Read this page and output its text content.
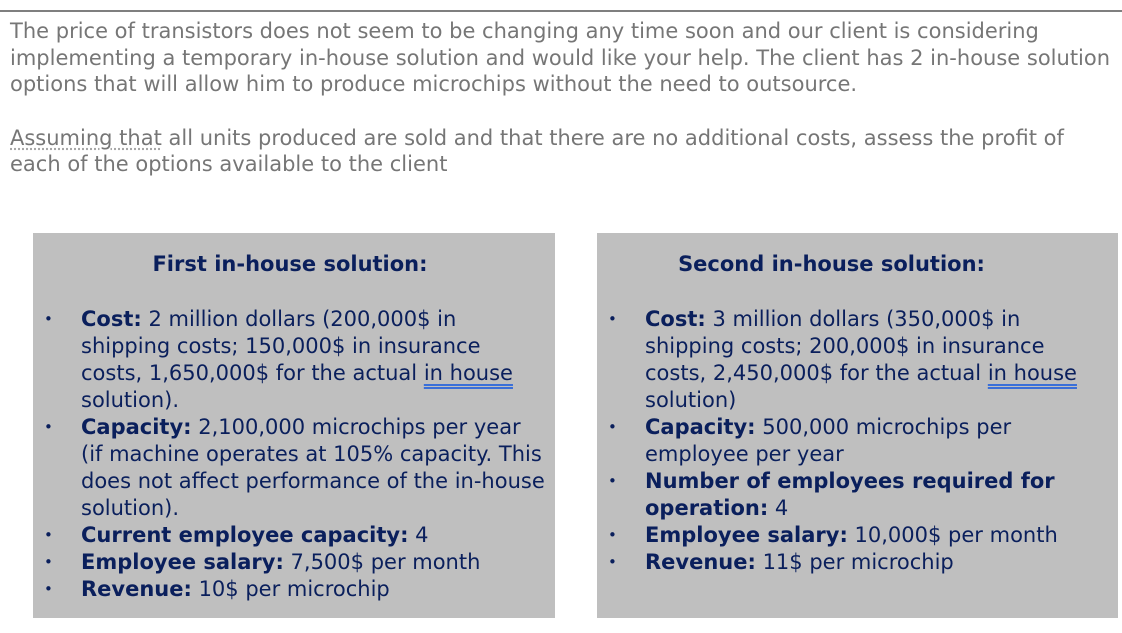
The price of transistors does not seem to be changing any time soon and our client is considering implementing a temporary in-house solution and would like your help. The client has 2 in-house solution options that will allow him to produce microchips without the need to outsource.

Assuming that all units produced are sold and that there are no additional costs, assess the profit of each of the options available to the client

First in-house solution:
• Cost: 2 million dollars (200,000$ in shipping costs; 150,000$ in insurance costs, 1,650,000$ for the actual in house solution).
• Capacity: 2,100,000 microchips per year (if machine operates at 105% capacity. This does not affect performance of the in-house solution).
• Current employee capacity: 4
• Employee salary: 7,500$ per month
• Revenue: 10$ per microchip
Second in-house solution:
• Cost: 3 million dollars (350,000$ in shipping costs; 200,000$ in insurance costs, 2,450,000$ for the actual in house solution)
• Capacity: 500,000 microchips per employee per year
• Number of employees required for operation: 4
• Employee salary: 10,000$ per month
• Revenue: 11$ per microchip
